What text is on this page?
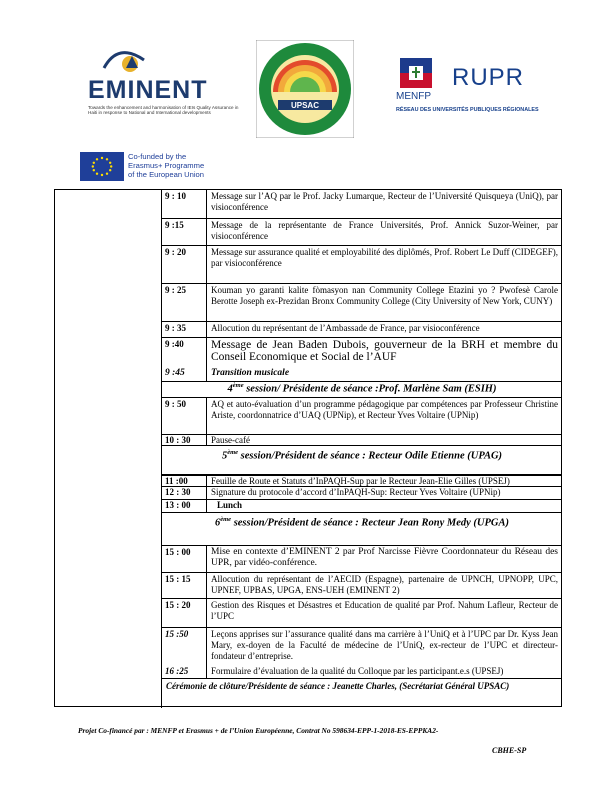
EMINENT
Towards the enhancement and harmonisation of IEIs Quality Assurance in Haiti in response to National and International developments
UPSAC
RUPR
MENFP
RÉSEAU DES UNIVERSITÉS PUBLIQUES RÉGIONALES
Co-funded by the
Erasmus+ Programme
of the European Union
9 : 10	Message sur l’AQ par le Prof. Jacky Lumarque, Recteur de l’Université Quisqueya (UniQ), par visioconférence
9 :15	Message de la représentante de France Universités, Prof. Annick Suzor-Weiner, par visioconférence
9 : 20	Message sur assurance qualité et employabilité des diplômés, Prof. Robert Le Duff (CIDEGEF), par visioconférence
9 : 25	Kouman yo garanti kalite fòmasyon nan Community College Etazini yo ? Pwofesè Carole Berotte Joseph ex-Prezidan Bronx Community College (City University of New York, CUNY)
9 : 35	Allocution du représentant de l’Ambassade de France, par visioconférence
9 :40	Message de Jean Baden Dubois, gouverneur de la BRH et membre du Conseil Economique et Social de l’AUF
9 :45	Transition musicale
4ème session/ Présidente de séance :Prof. Marlène Sam (ESIH)
9 : 50	AQ et auto-évaluation d’un programme pédagogique par compétences par Professeur Christine Ariste, coordonnatrice d’UAQ (UPNip), et Recteur Yves Voltaire (UPNip)
10 : 30	Pause-café
5ème session/Président de séance : Recteur Odile Etienne (UPAG)
11 :00	Feuille de Route et Statuts d’InPAQH-Sup par le Recteur Jean-Elie Gilles (UPSEJ)
12 : 30	Signature du protocole d’accord d’InPAQH-Sup: Recteur Yves Voltaire (UPNip)
13 : 00	Lunch
6ème session/Président de séance : Recteur Jean Rony Medy (UPGA)
15 : 00	Mise en contexte d’EMINENT 2 par Prof Narcisse Fièvre Coordonnateur du Réseau des UPR, par vidéo-conférence.
15 : 15	Allocution du représentant de l’AECID (Espagne), partenaire de UPNCH, UPNOPP, UPC, UPNEF, UPBAS, UPGA, ENS-UEH (EMINENT 2)
15 : 20	Gestion des Risques et Désastres et Education de qualité par Prof. Nahum Lafleur, Recteur de l’UPC
15 :50	Leçons apprises sur l’assurance qualité dans ma carrière à l’UniQ et à l’UPC par Dr. Kyss Jean Mary, ex-doyen de la Faculté de médecine de l’UniQ, ex-recteur de l’UPC et directeur-fondateur d’entreprise.
16 :25	Formulaire d’évaluation de la qualité du Colloque par les participant.e.s (UPSEJ)
Cérémonie de clôture/Présidente de séance : Jeanette Charles, (Secrétariat Général UPSAC)
Projet Co-financé par : MENFP et Erasmus + de l’Union Européenne, Contrat No 598634-EPP-1-2018-ES-EPPKA2-
CBHE-SP
